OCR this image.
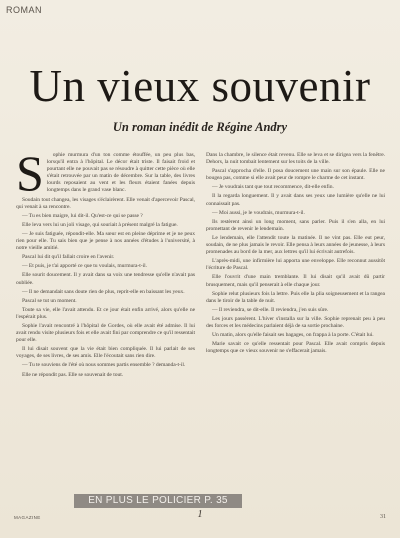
ROMAN
Un vieux souvenir
Un roman inédit de Régine Andry
S	ophie murmura d'un ton comme étouffée, un peu plus bas, lorsqu'il entra à l'hôpital. Le décor était triste. Il faisait froid et pourtant elle ne pouvait pas se résoudre à quitter cette pièce où elle s'était retrouvée par un matin de décembre. Sur la table, des livres lourds reposaient au vent et les fleurs étaient fanées depuis longtemps dans le grand vase blanc.

Soudain tout changea, les visages s'éclairèrent. Elle venait d'apercevoir Pascal, qui venait à sa rencontre.

— Tu es bien maigre, lui dit-il. Qu'est-ce qui se passe ?

Elle leva vers lui un joli visage, qui souriait à présent malgré la fatigue.

— Je suis fatiguée, répondit-elle. Ma sœur est en pleine déprime et je ne peux rien pour elle. Tu sais bien que je pense à nos années d'études à l'université, à notre vieille amitié.

Pascal lui dit qu'il fallait croire en l'avenir.

— Et puis, je t'ai apporté ce que tu voulais, murmura-t-il.

Elle sourit doucement. Il y avait dans sa voix une tendresse qu'elle n'avait pas oubliée.

— Il ne demandait sans doute rien de plus, reprit-elle en baissant les yeux.

Pascal se tut un moment.

Toute sa vie, elle l'avait attendu. Et ce jour était enfin arrivé, alors qu'elle ne l'espérait plus.

Sophie l'avait rencontré à l'hôpital de Gordes, où elle avait été admise. Il lui avait rendu visite plusieurs fois et elle avait fini par comprendre ce qu'il ressentait pour elle.

Il lui disait souvent que la vie était bien compliquée. Il lui parlait de ses voyages, de ses livres, de ses amis. Elle l'écoutait sans rien dire.

— Tu te souviens de l'été où nous sommes partis ensemble ? demanda-t-il.

Elle ne répondit pas. Elle se souvenait de tout.

Dans la chambre, le silence était revenu. Elle se leva et se dirigea vers la fenêtre. Dehors, la nuit tombait lentement sur les toits de la ville.

Pascal s'approcha d'elle. Il posa doucement une main sur son épaule. Elle ne bougea pas, comme si elle avait peur de rompre le charme de cet instant.

— Je voudrais tant que tout recommence, dit-elle enfin.

Il la regarda longuement. Il y avait dans ses yeux une lumière qu'elle ne lui connaissait pas.

— Moi aussi, je le voudrais, murmura-t-il.

Ils restèrent ainsi un long moment, sans parler. Puis il s'en alla, en lui promettant de revenir le lendemain.

Le lendemain, elle l'attendit toute la matinée. Il ne vint pas. Elle eut peur, soudain, de ne plus jamais le revoir. Elle pensa à leurs années de jeunesse, à leurs promenades au bord de la mer, aux lettres qu'il lui écrivait autrefois.

L'après-midi, une infirmière lui apporta une enveloppe. Elle reconnut aussitôt l'écriture de Pascal.

Elle l'ouvrit d'une main tremblante. Il lui disait qu'il avait dû partir brusquement, mais qu'il penserait à elle chaque jour.

Sophie relut plusieurs fois la lettre. Puis elle la plia soigneusement et la rangea dans le tiroir de la table de nuit.

— Il reviendra, se dit-elle. Il reviendra, j'en suis sûre.

Les jours passèrent. L'hiver s'installa sur la ville. Sophie reprenait peu à peu des forces et les médecins parlaient déjà de sa sortie prochaine.

Un matin, alors qu'elle faisait ses bagages, on frappa à la porte. C'était lui.

Marie savait ce qu'elle ressentait pour Pascal. Elle avait compris depuis longtemps que ce vieux souvenir ne s'effacerait jamais.

EN PLUS LE POLICIER P. 35
MAGAZINE	1	31
